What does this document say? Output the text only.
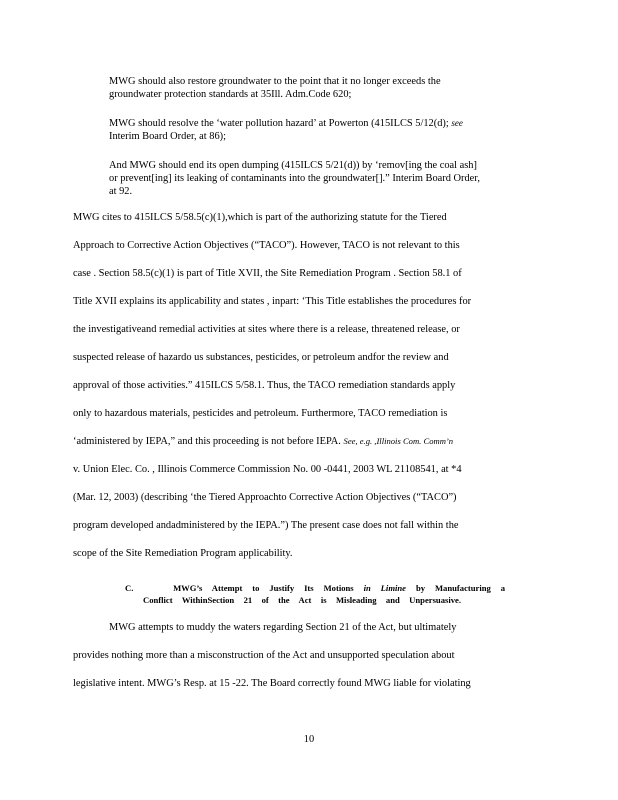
MWG should also restore groundwater to the point that it no longer exceeds the
groundwater protection standards at 35Ill. Adm.Code 620;
MWG should resolve the ‘water pollution hazard’ at Powerton (415ILCS 5/12(d); see
Interim Board Order, at 86);
And MWG should end its open dumping (415ILCS 5/21(d)) by ‘remov[ing the coal ash]
or prevent[ing] its leaking of contaminants into the groundwater[].” Interim Board Order,
at 92.
MWG cites to 415ILCS 5/58.5(c)(1),which is part of the authorizing statute for the Tiered
Approach to Corrective Action Objectives (“TACO”). However, TACO is not relevant to this
case . Section 58.5(c)(1) is part of Title XVII, the Site Remediation Program . Section 58.1 of
Title XVII explains its applicability and states , inpart: ‘This Title establishes the procedures for
the investigativeand remedial activities at sites where there is a release, threatened release, or
suspected release of hazardo us substances, pesticides, or petroleum andfor the review and
approval of those activities.” 415ILCS 5/58.1. Thus, the TACO remediation standards apply
only to hazardous materials, pesticides and petroleum. Furthermore, TACO remediation is
‘administered by IEPA,” and this proceeding is not before IEPA. See, e.g. ,Illinois Com. Comm’n
v. Union Elec. Co. , Illinois Commerce Commission No. 00 -0441, 2003 WL 21108541, at *4
(Mar. 12, 2003) (describing ‘the Tiered Approachto Corrective Action Objectives (“TACO”)
program developed andadministered by the IEPA.”) The present case does not fall within the
scope of the Site Remediation Program applicability.
C.	MWG’s Attempt to Justify Its Motions in Limine by Manufacturing a
Conflict WithinSection 21 of the Act is Misleading and Unpersuasive.
MWG attempts to muddy the waters regarding Section 21 of the Act, but ultimately
provides nothing more than a misconstruction of the Act and unsupported speculation about
legislative intent. MWG’s Resp. at 15 -22. The Board correctly found MWG liable for violating
10
